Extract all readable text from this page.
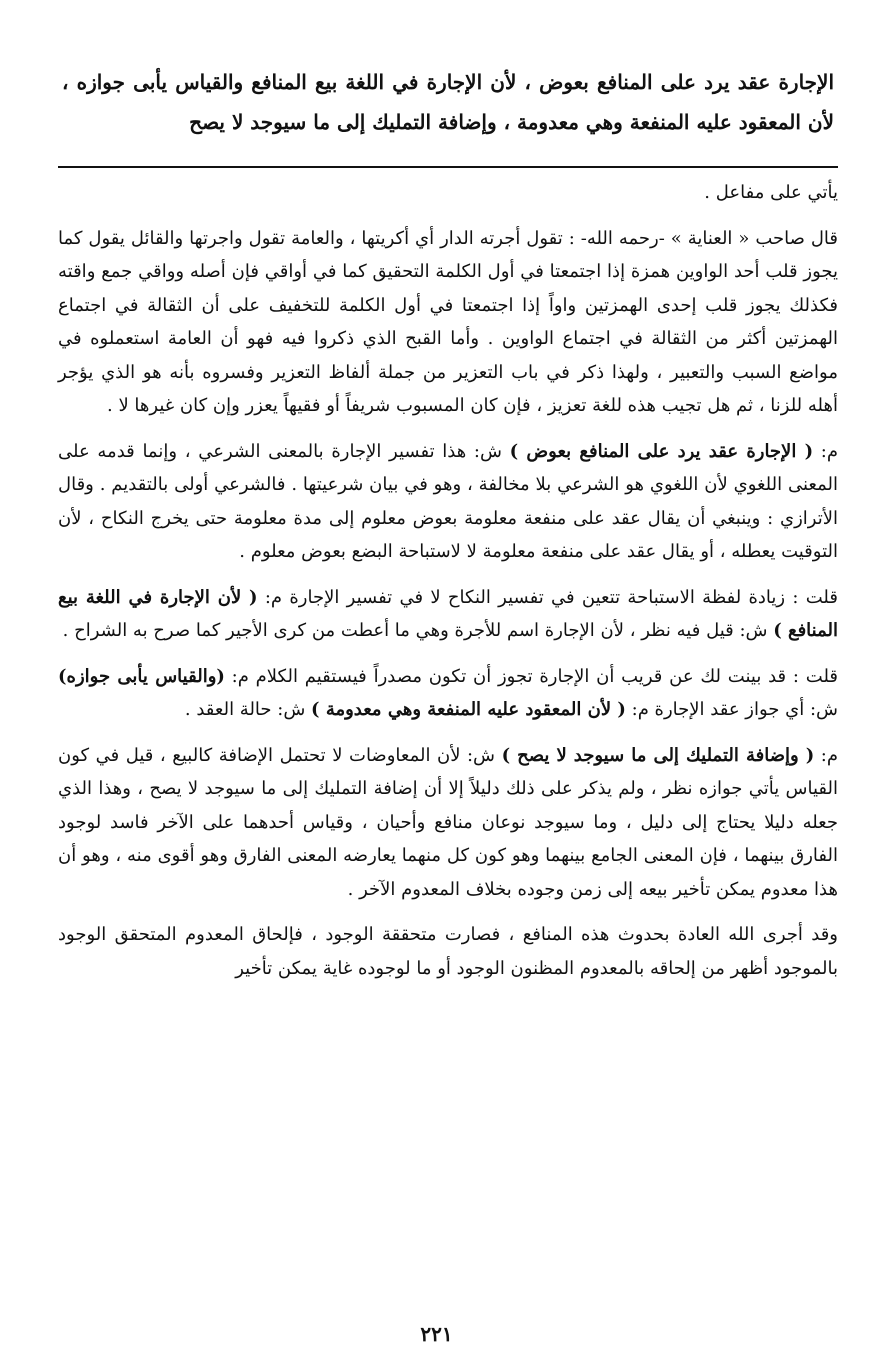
الإجارة عقد يرد على المنافع بعوض ، لأن الإجارة في اللغة بيع المنافع والقياس يأبى جوازه ، لأن المعقود عليه المنفعة وهي معدومة ، وإضافة التمليك إلى ما سيوجد لا يصح

يأتي على مفاعل .

قال صاحب « العناية » -رحمه الله- : تقول أجرته الدار أي أكريتها ، والعامة تقول واجرتها والقائل يقول كما يجوز قلب أحد الواوين همزة إذا اجتمعتا في أول الكلمة التحقيق كما في أواقي فإن أصله وواقي جمع واقته فكذلك يجوز قلب إحدى الهمزتين واواً إذا اجتمعتا في أول الكلمة للتخفيف على أن الثقالة في اجتماع الهمزتين أكثر من الثقالة في اجتماع الواوين . وأما القبح الذي ذكروا فيه فهو أن العامة استعملوه في مواضع السبب والتعبير ، ولهذا ذكر في باب التعزير من جملة ألفاظ التعزير وفسروه بأنه هو الذي يؤجر أهله للزنا ، ثم هل تجيب هذه للغة تعزيز ، فإن كان المسبوب شريفاً أو فقيهاً يعزر وإن كان غيرها لا .

م: ( الإجارة عقد يرد على المنافع بعوض ) ش: هذا تفسير الإجارة بالمعنى الشرعي ، وإنما قدمه على المعنى اللغوي لأن اللغوي هو الشرعي بلا مخالفة ، وهو في بيان شرعيتها . فالشرعي أولى بالتقديم . وقال الأترازي : وينبغي أن يقال عقد على منفعة معلومة بعوض معلوم إلى مدة معلومة حتى يخرج النكاح ، لأن التوقيت يعطله ، أو يقال عقد على منفعة معلومة لا لاستباحة البضع بعوض معلوم .

قلت : زيادة لفظة الاستباحة تتعين في تفسير النكاح لا في تفسير الإجارة م: ( لأن الإجارة في اللغة بيع المنافع ) ش: قيل فيه نظر ، لأن الإجارة اسم للأجرة وهي ما أعطت من كرى الأجير كما صرح به الشراح .

قلت : قد بينت لك عن قريب أن الإجارة تجوز أن تكون مصدراً فيستقيم الكلام م: (والقياس يأبى جوازه) ش: أي جواز عقد الإجارة م: ( لأن المعقود عليه المنفعة وهي معدومة ) ش: حالة العقد .

م: ( وإضافة التمليك إلى ما سيوجد لا يصح ) ش: لأن المعاوضات لا تحتمل الإضافة كالبيع ، قيل في كون القياس يأتي جوازه نظر ، ولم يذكر على ذلك دليلاً إلا أن إضافة التمليك إلى ما سيوجد لا يصح ، وهذا الذي جعله دليلا يحتاج إلى دليل ، وما سيوجد نوعان منافع وأحيان ، وقياس أحدهما على الآخر فاسد لوجود الفارق بينهما ، فإن المعنى الجامع بينهما وهو كون كل منهما يعارضه المعنى الفارق وهو أقوى منه ، وهو أن هذا معدوم يمكن تأخير بيعه إلى زمن وجوده بخلاف المعدوم الآخر .

وقد أجرى الله العادة بحدوث هذه المنافع ، فصارت متحققة الوجود ، فإلحاق المعدوم المتحقق الوجود بالموجود أظهر من إلحاقه بالمعدوم المظنون الوجود أو ما لوجوده غاية يمكن تأخير

٢٢١
